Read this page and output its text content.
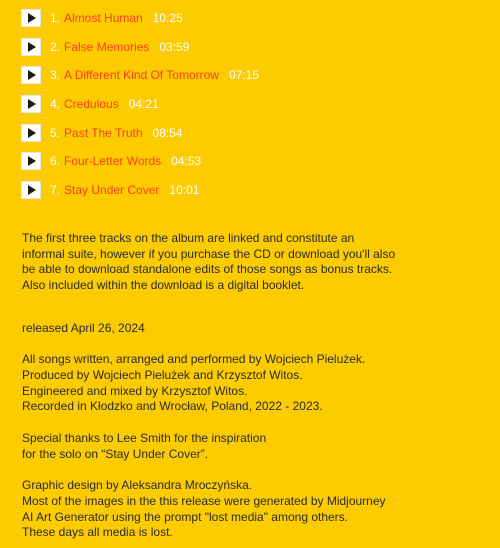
1. Almost Human 10:25
2. False Memories 03:59
3. A Different Kind Of Tomorrow 07:15
4. Credulous 04:21
5. Past The Truth 08:54
6. Four-Letter Words 04:53
7. Stay Under Cover 10:01

The first three tracks on the album are linked and constitute an
informal suite, however if you purchase the CD or download you'll also
be able to download standalone edits of those songs as bonus tracks.
Also included within the download is a digital booklet.

released April 26, 2024

All songs written, arranged and performed by Wojciech Pielużek.
Produced by Wojciech Pielużek and Krzysztof Witos.
Engineered and mixed by Krzysztof Witos.
Recorded in Kłodzko and Wrocław, Poland, 2022 - 2023.
Special thanks to Lee Smith for the inspiration
for the solo on “Stay Under Cover”.
Graphic design by Aleksandra Mroczyńska.
Most of the images in the this release were generated by Midjourney
AI Art Generator using the prompt "lost media" among others.
These days all media is lost.
